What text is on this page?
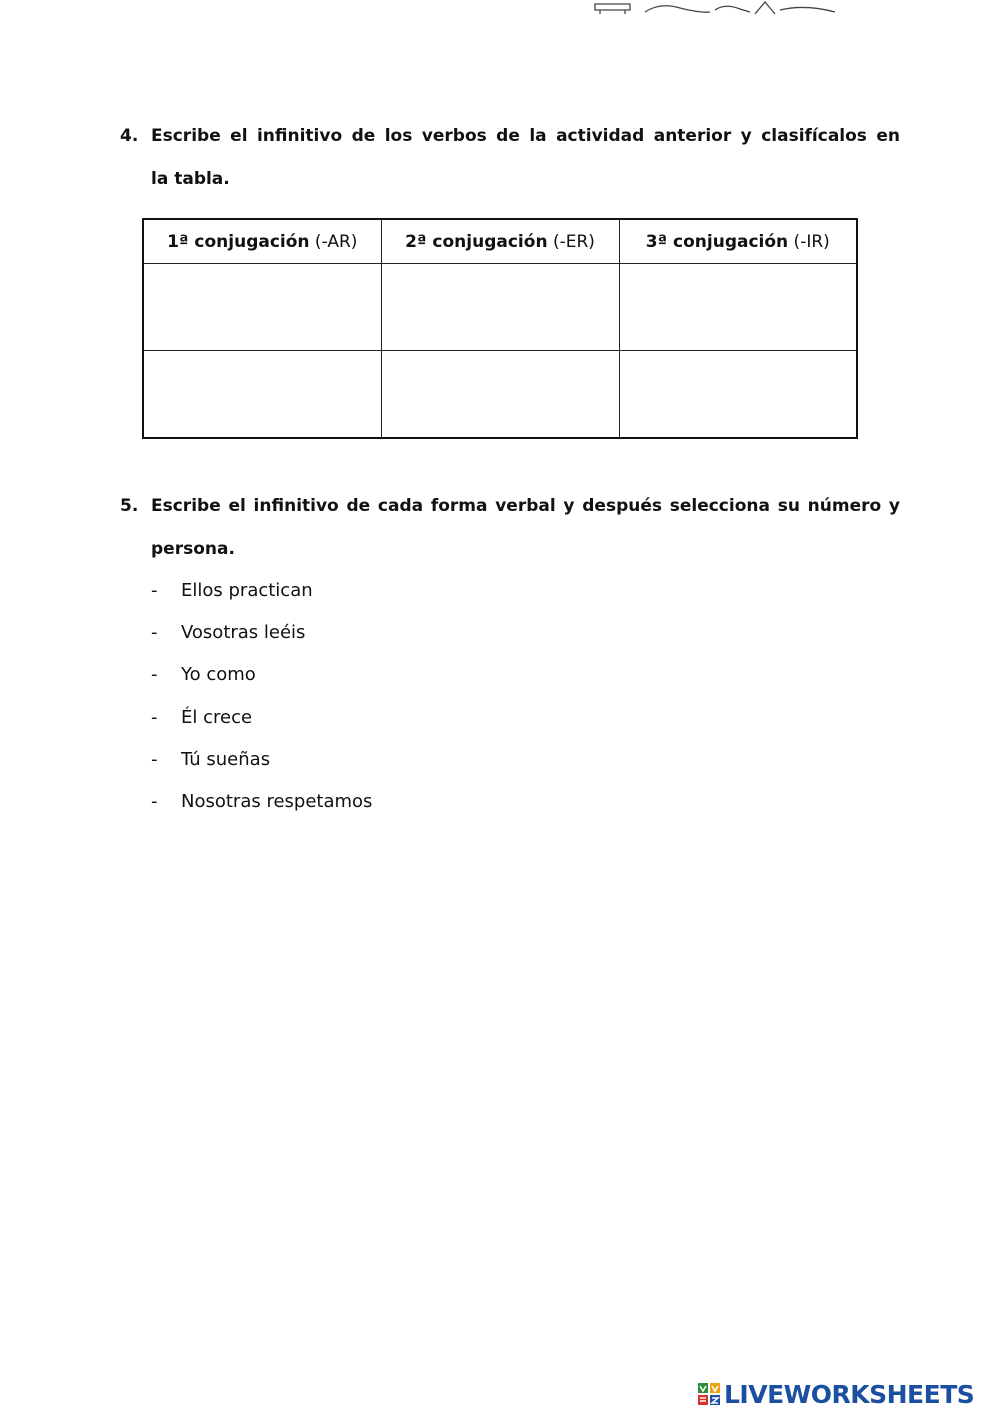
4. Escribe el infinitivo de los verbos de la actividad anterior y clasifícalos en
la tabla.
1ª conjugación (-AR)	2ª conjugación (-ER)	3ª conjugación (-IR)

5. Escribe el infinitivo de cada forma verbal y después selecciona su número y
persona.
-	Ellos practican
-	Vosotras leéis
-	Yo como
-	Él crece
-	Tú sueñas
-	Nosotras respetamos
LIVEWORKSHEETS
